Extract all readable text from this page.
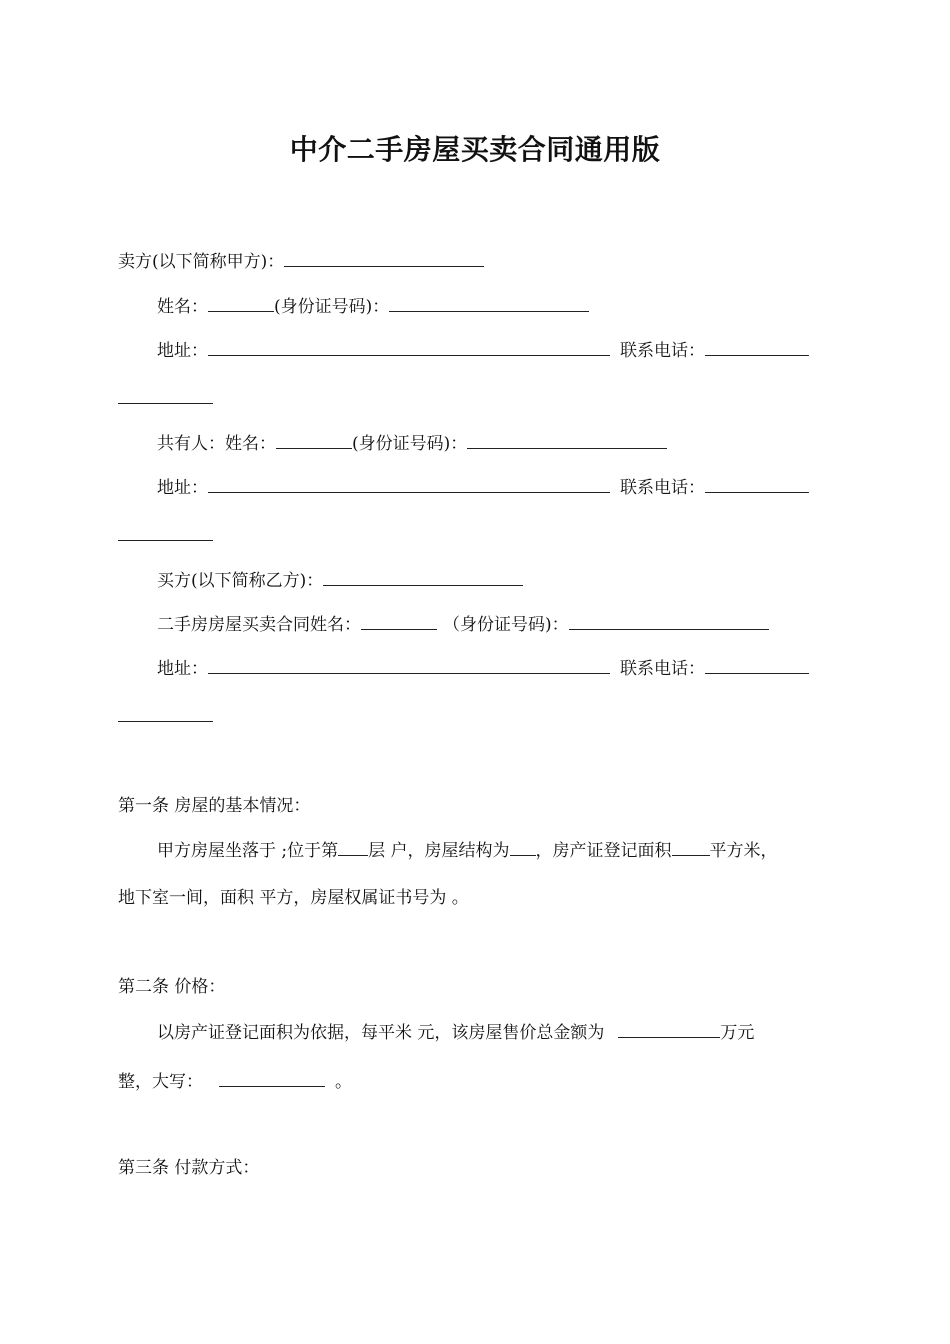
中介二手房屋买卖合同通用版
卖方(以下简称甲方)：
姓名：	(身份证号码)：
地址：	联系电话：
共有人：姓名：	(身份证号码)：
地址：	联系电话：
买方(以下简称乙方)：
二手房房屋买卖合同姓名：	（身份证号码)：
地址：	联系电话：
第一条 房屋的基本情况：
甲方房屋坐落于 ;位于第 层 户，房屋结构为 ，房产证登记面积 平方米，
地下室一间，面积 平方，房屋权属证书号为 。
第二条 价格：
以房产证登记面积为依据，每平米 元，该房屋售价总金额为	万元
整，大写：	。
第三条 付款方式：
